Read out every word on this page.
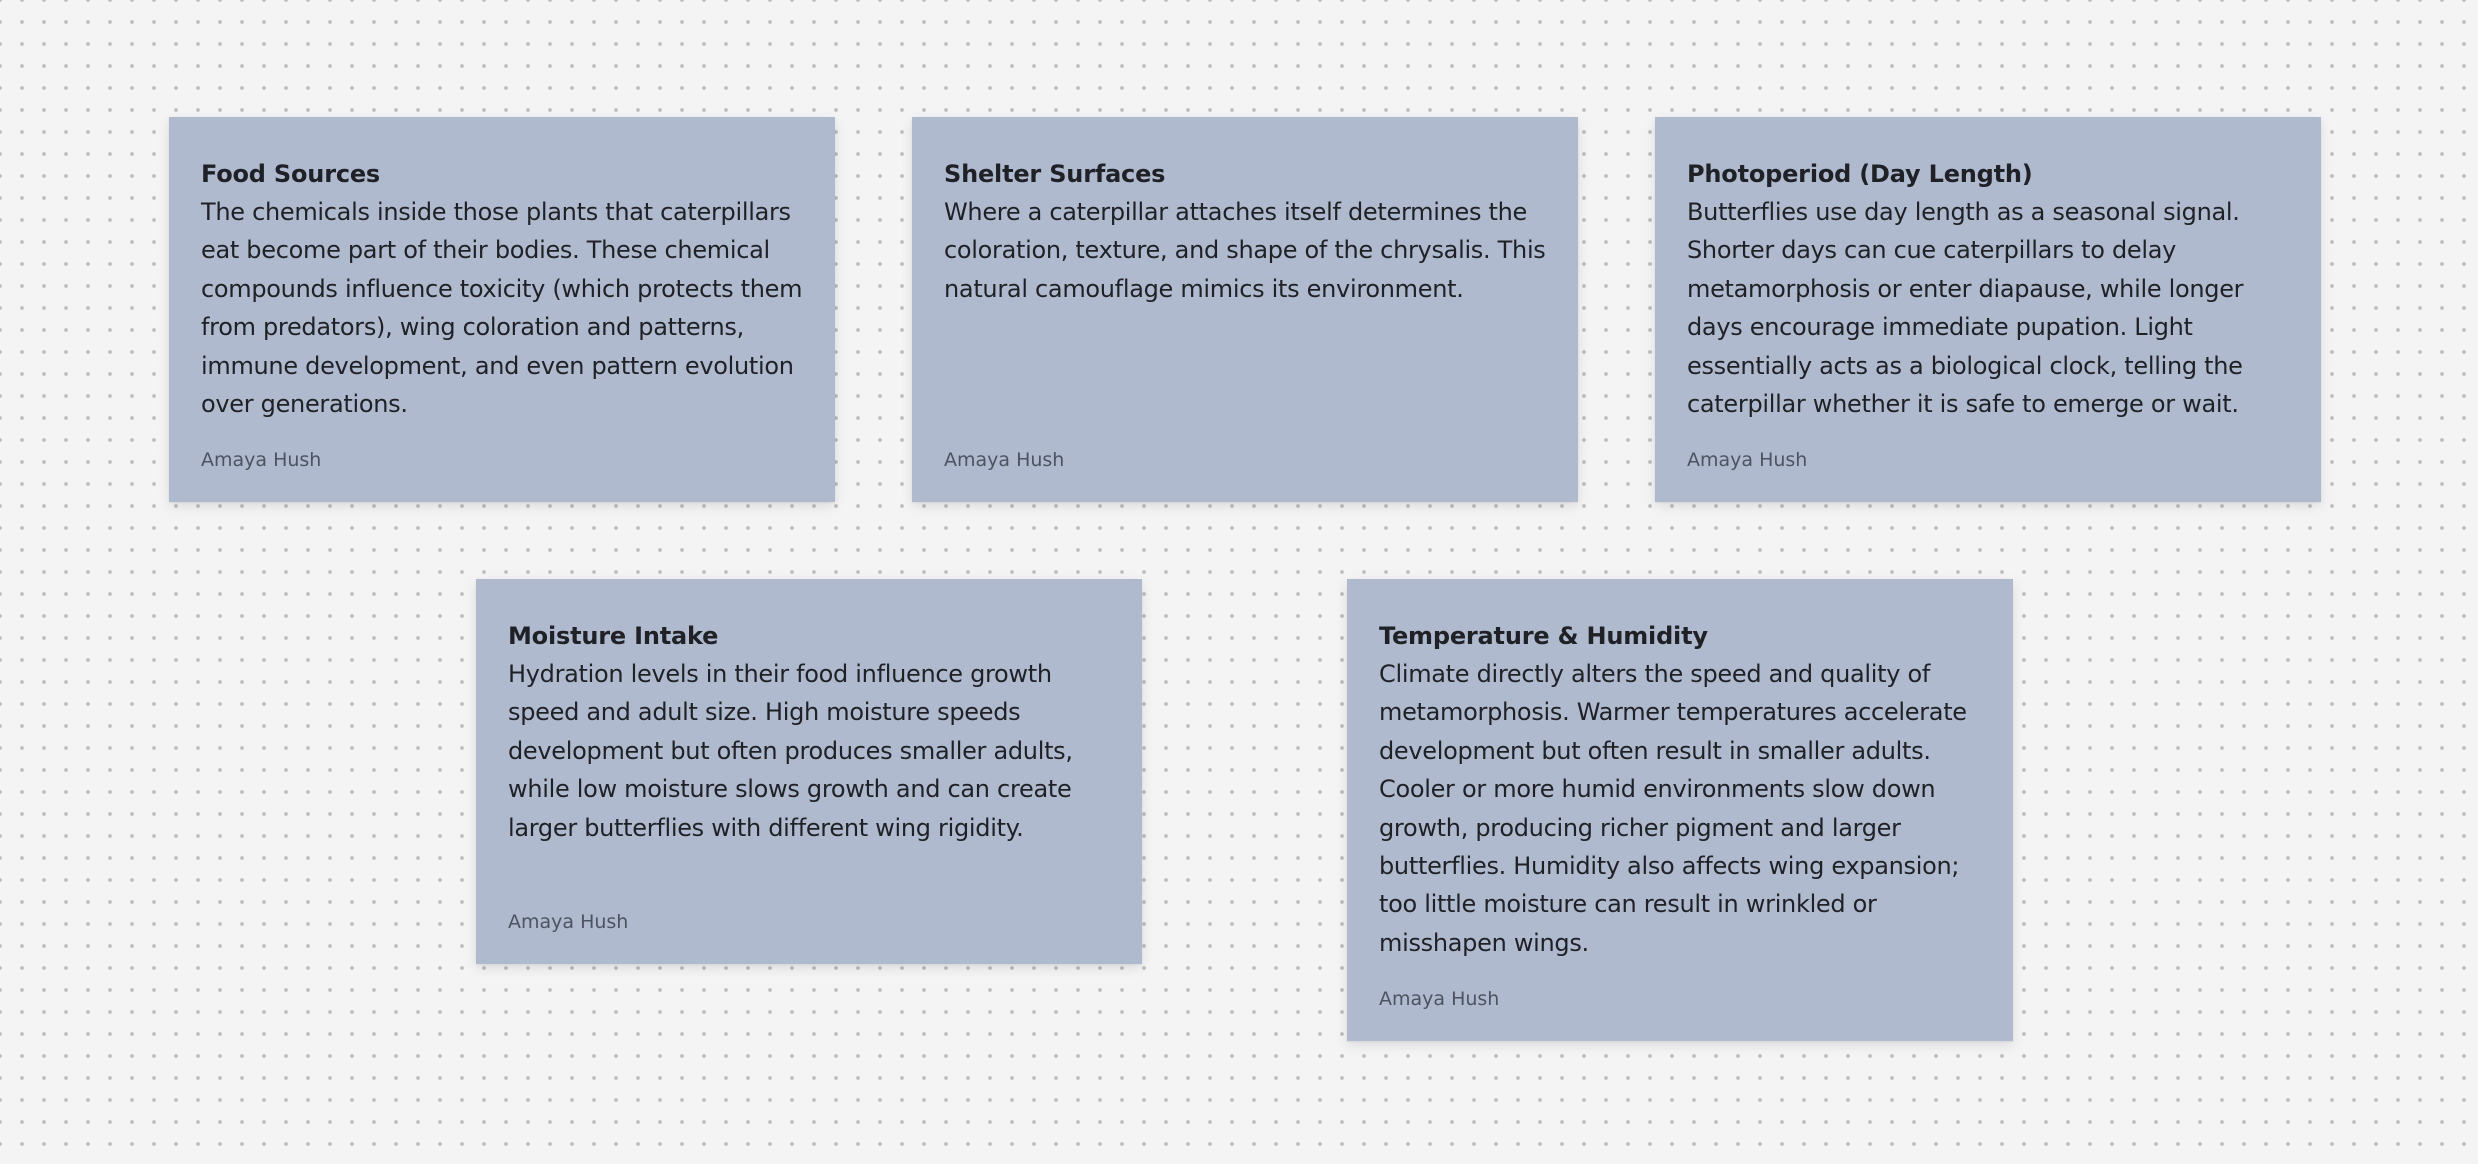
Food Sources

The chemicals inside those plants that caterpillars eat become part of their bodies. These chemical compounds influence toxicity (which protects them from predators), wing coloration and patterns, immune development, and even pattern evolution over generations.

Amaya Hush

Shelter Surfaces

Where a caterpillar attaches itself determines the coloration, texture, and shape of the chrysalis. This natural camouflage mimics its environment.

Amaya Hush

Photoperiod (Day Length)

Butterflies use day length as a seasonal signal. Shorter days can cue caterpillars to delay metamorphosis or enter diapause, while longer days encourage immediate pupation. Light essentially acts as a biological clock, telling the caterpillar whether it is safe to emerge or wait.

Amaya Hush

Moisture Intake

Hydration levels in their food influence growth speed and adult size. High moisture speeds development but often produces smaller adults, while low moisture slows growth and can create larger butterflies with different wing rigidity.

Amaya Hush

Temperature & Humidity

Climate directly alters the speed and quality of metamorphosis. Warmer temperatures accelerate development but often result in smaller adults. Cooler or more humid environments slow down growth, producing richer pigment and larger butterflies. Humidity also affects wing expansion; too little moisture can result in wrinkled or misshapen wings.

Amaya Hush
